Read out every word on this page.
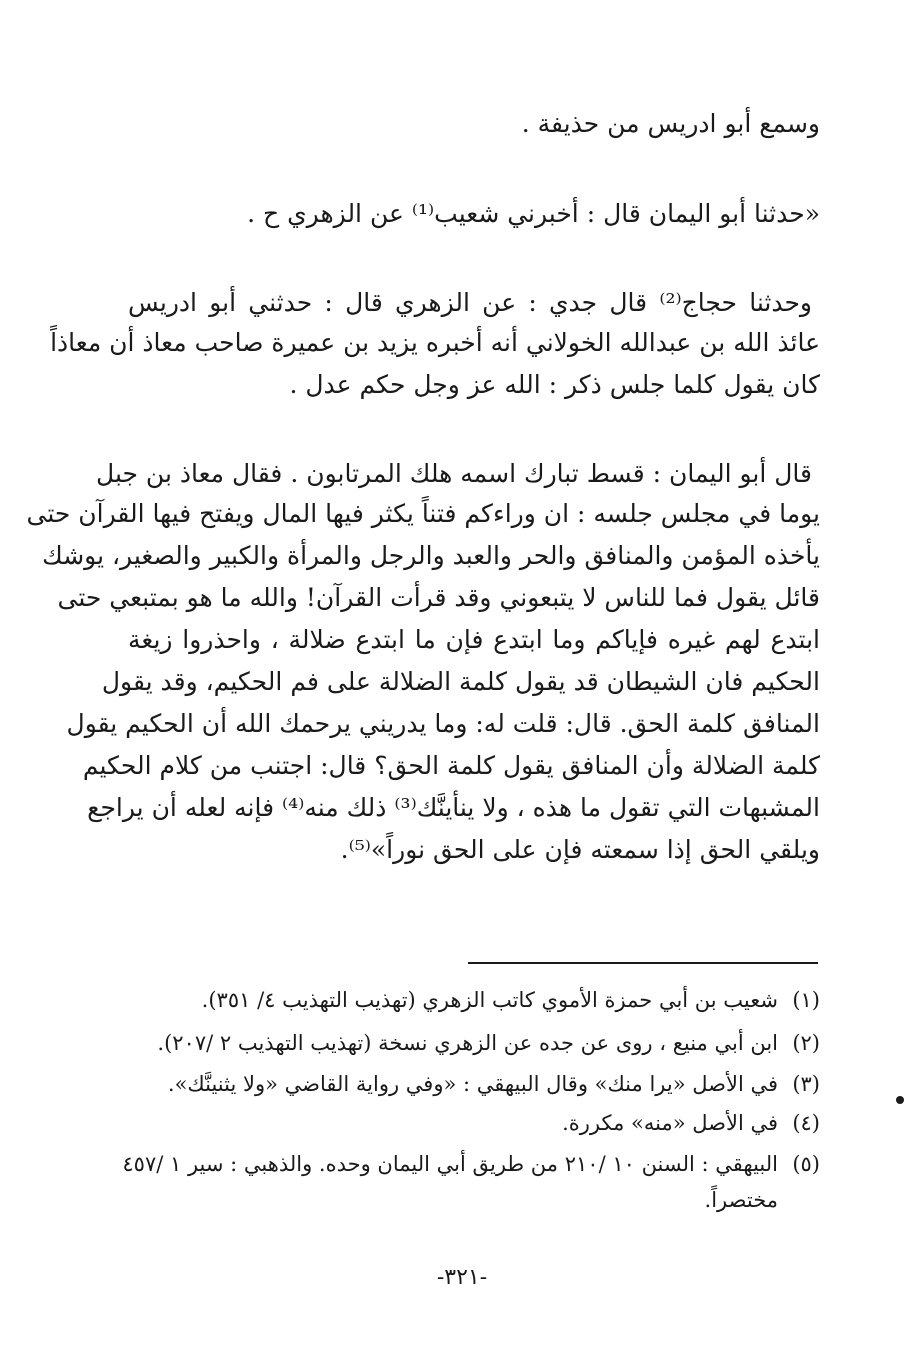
وسمع أبو ادريس من حذيفة .
«حدثنا أبو اليمان قال : أخبرني شعيب⁽¹⁾ عن الزهري ح .
وحدثنا حجاج⁽²⁾ قال جدي : عن الزهري قال : حدثني أبو ادريس
عائذ الله بن عبدالله الخولاني أنه أخبره يزيد بن عميرة صاحب معاذ أن معاذاً
كان يقول كلما جلس ذكر : الله عز وجل حكم عدل .
قال أبو اليمان : قسط تبارك اسمه هلك المرتابون . فقال معاذ بن جبل
يوما في مجلس جلسه : ان وراءكم فتناً يكثر فيها المال ويفتح فيها القرآن حتى
يأخذه المؤمن والمنافق والحر والعبد والرجل والمرأة والكبير والصغير، يوشك
قائل يقول فما للناس لا يتبعوني وقد قرأت القرآن! والله ما هو بمتبعي حتى
ابتدع لهم غيره فإياكم وما ابتدع فإن ما ابتدع ضلالة ، واحذروا زيغة
الحكيم فان الشيطان قد يقول كلمة الضلالة على فم الحكيم، وقد يقول
المنافق كلمة الحق. قال: قلت له: وما يدريني يرحمك الله أن الحكيم يقول
كلمة الضلالة وأن المنافق يقول كلمة الحق؟ قال: اجتنب من كلام الحكيم
المشبهات التي تقول ما هذه ، ولا ينأينَّك⁽³⁾ ذلك منه⁽⁴⁾ فإنه لعله أن يراجع
ويلقي الحق إذا سمعته فإن على الحق نوراً»⁽⁵⁾.
(١)شعيب بن أبي حمزة الأموي كاتب الزهري (تهذيب التهذيب ٤/ ٣٥١).
(٢)ابن أبي منيع ، روى عن جده عن الزهري نسخة (تهذيب التهذيب ٢ /٢٠٧).
(٣)في الأصل «يرا منك» وقال البيهقي : «وفي رواية القاضي «ولا يثنينَّك».
(٤)في الأصل «منه» مكررة.
(٥)البيهقي : السنن ١٠ /٢١٠ من طريق أبي اليمان وحده. والذهبي : سير ١ /٤٥٧
مختصراً.
-٣٢١-
